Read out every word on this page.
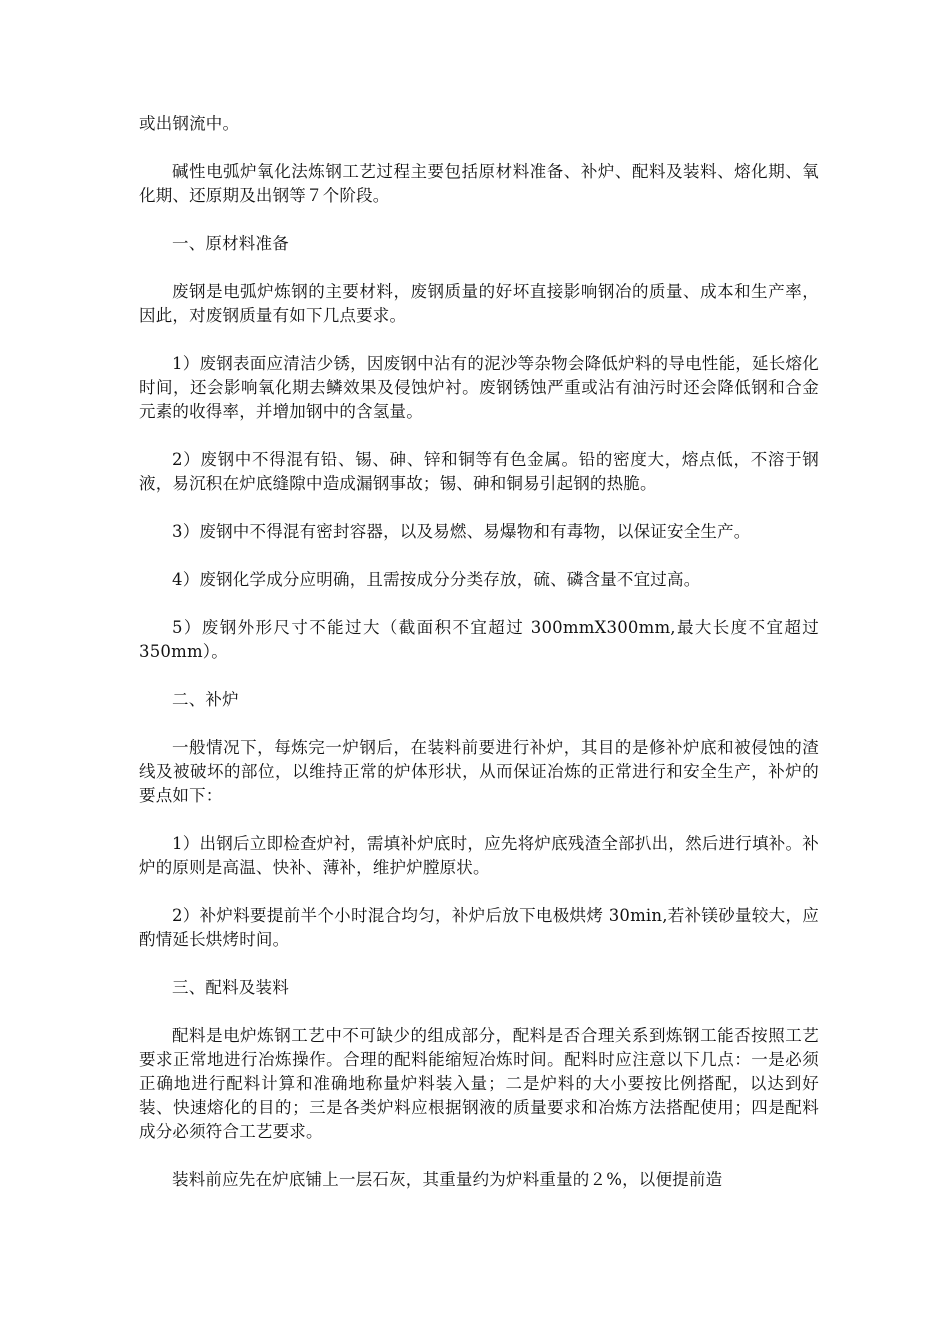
或出钢流中。

碱性电弧炉氧化法炼钢工艺过程主要包括原材料准备、补炉、配料及装料、熔化期、氧化期、还原期及出钢等７个阶段。

一、原材料准备

废钢是电弧炉炼钢的主要材料，废钢质量的好坏直接影响钢冶的质量、成本和生产率，因此，对废钢质量有如下几点要求。

1）废钢表面应清洁少锈，因废钢中沾有的泥沙等杂物会降低炉料的导电性能，延长熔化时间，还会影响氧化期去鳞效果及侵蚀炉衬。废钢锈蚀严重或沾有油污时还会降低钢和合金元素的收得率，并增加钢中的含氢量。

2）废钢中不得混有铅、锡、砷、锌和铜等有色金属。铅的密度大，熔点低，不溶于钢液，易沉积在炉底缝隙中造成漏钢事故；锡、砷和铜易引起钢的热脆。

3）废钢中不得混有密封容器，以及易燃、易爆物和有毒物，以保证安全生产。

4）废钢化学成分应明确，且需按成分分类存放，硫、磷含量不宜过高。

5）废钢外形尺寸不能过大（截面积不宜超过 300mmX300mm,最大长度不宜超过 350mm）。

二、补炉

一般情况下，每炼完一炉钢后，在装料前要进行补炉，其目的是修补炉底和被侵蚀的渣线及被破坏的部位，以维持正常的炉体形状，从而保证冶炼的正常进行和安全生产，补炉的要点如下：

1）出钢后立即检查炉衬，需填补炉底时，应先将炉底残渣全部扒出，然后进行填补。补炉的原则是高温、快补、薄补，维护炉膛原状。

2）补炉料要提前半个小时混合均匀，补炉后放下电极烘烤 30min,若补镁砂量较大，应酌情延长烘烤时间。

三、配料及装料

配料是电炉炼钢工艺中不可缺少的组成部分，配料是否合理关系到炼钢工能否按照工艺要求正常地进行冶炼操作。合理的配料能缩短冶炼时间。配料时应注意以下几点：一是必须正确地进行配料计算和准确地称量炉料装入量；二是炉料的大小要按比例搭配，以达到好装、快速熔化的目的；三是各类炉料应根据钢液的质量要求和冶炼方法搭配使用；四是配料成分必须符合工艺要求。

装料前应先在炉底铺上一层石灰，其重量约为炉料重量的２%，以便提前造
